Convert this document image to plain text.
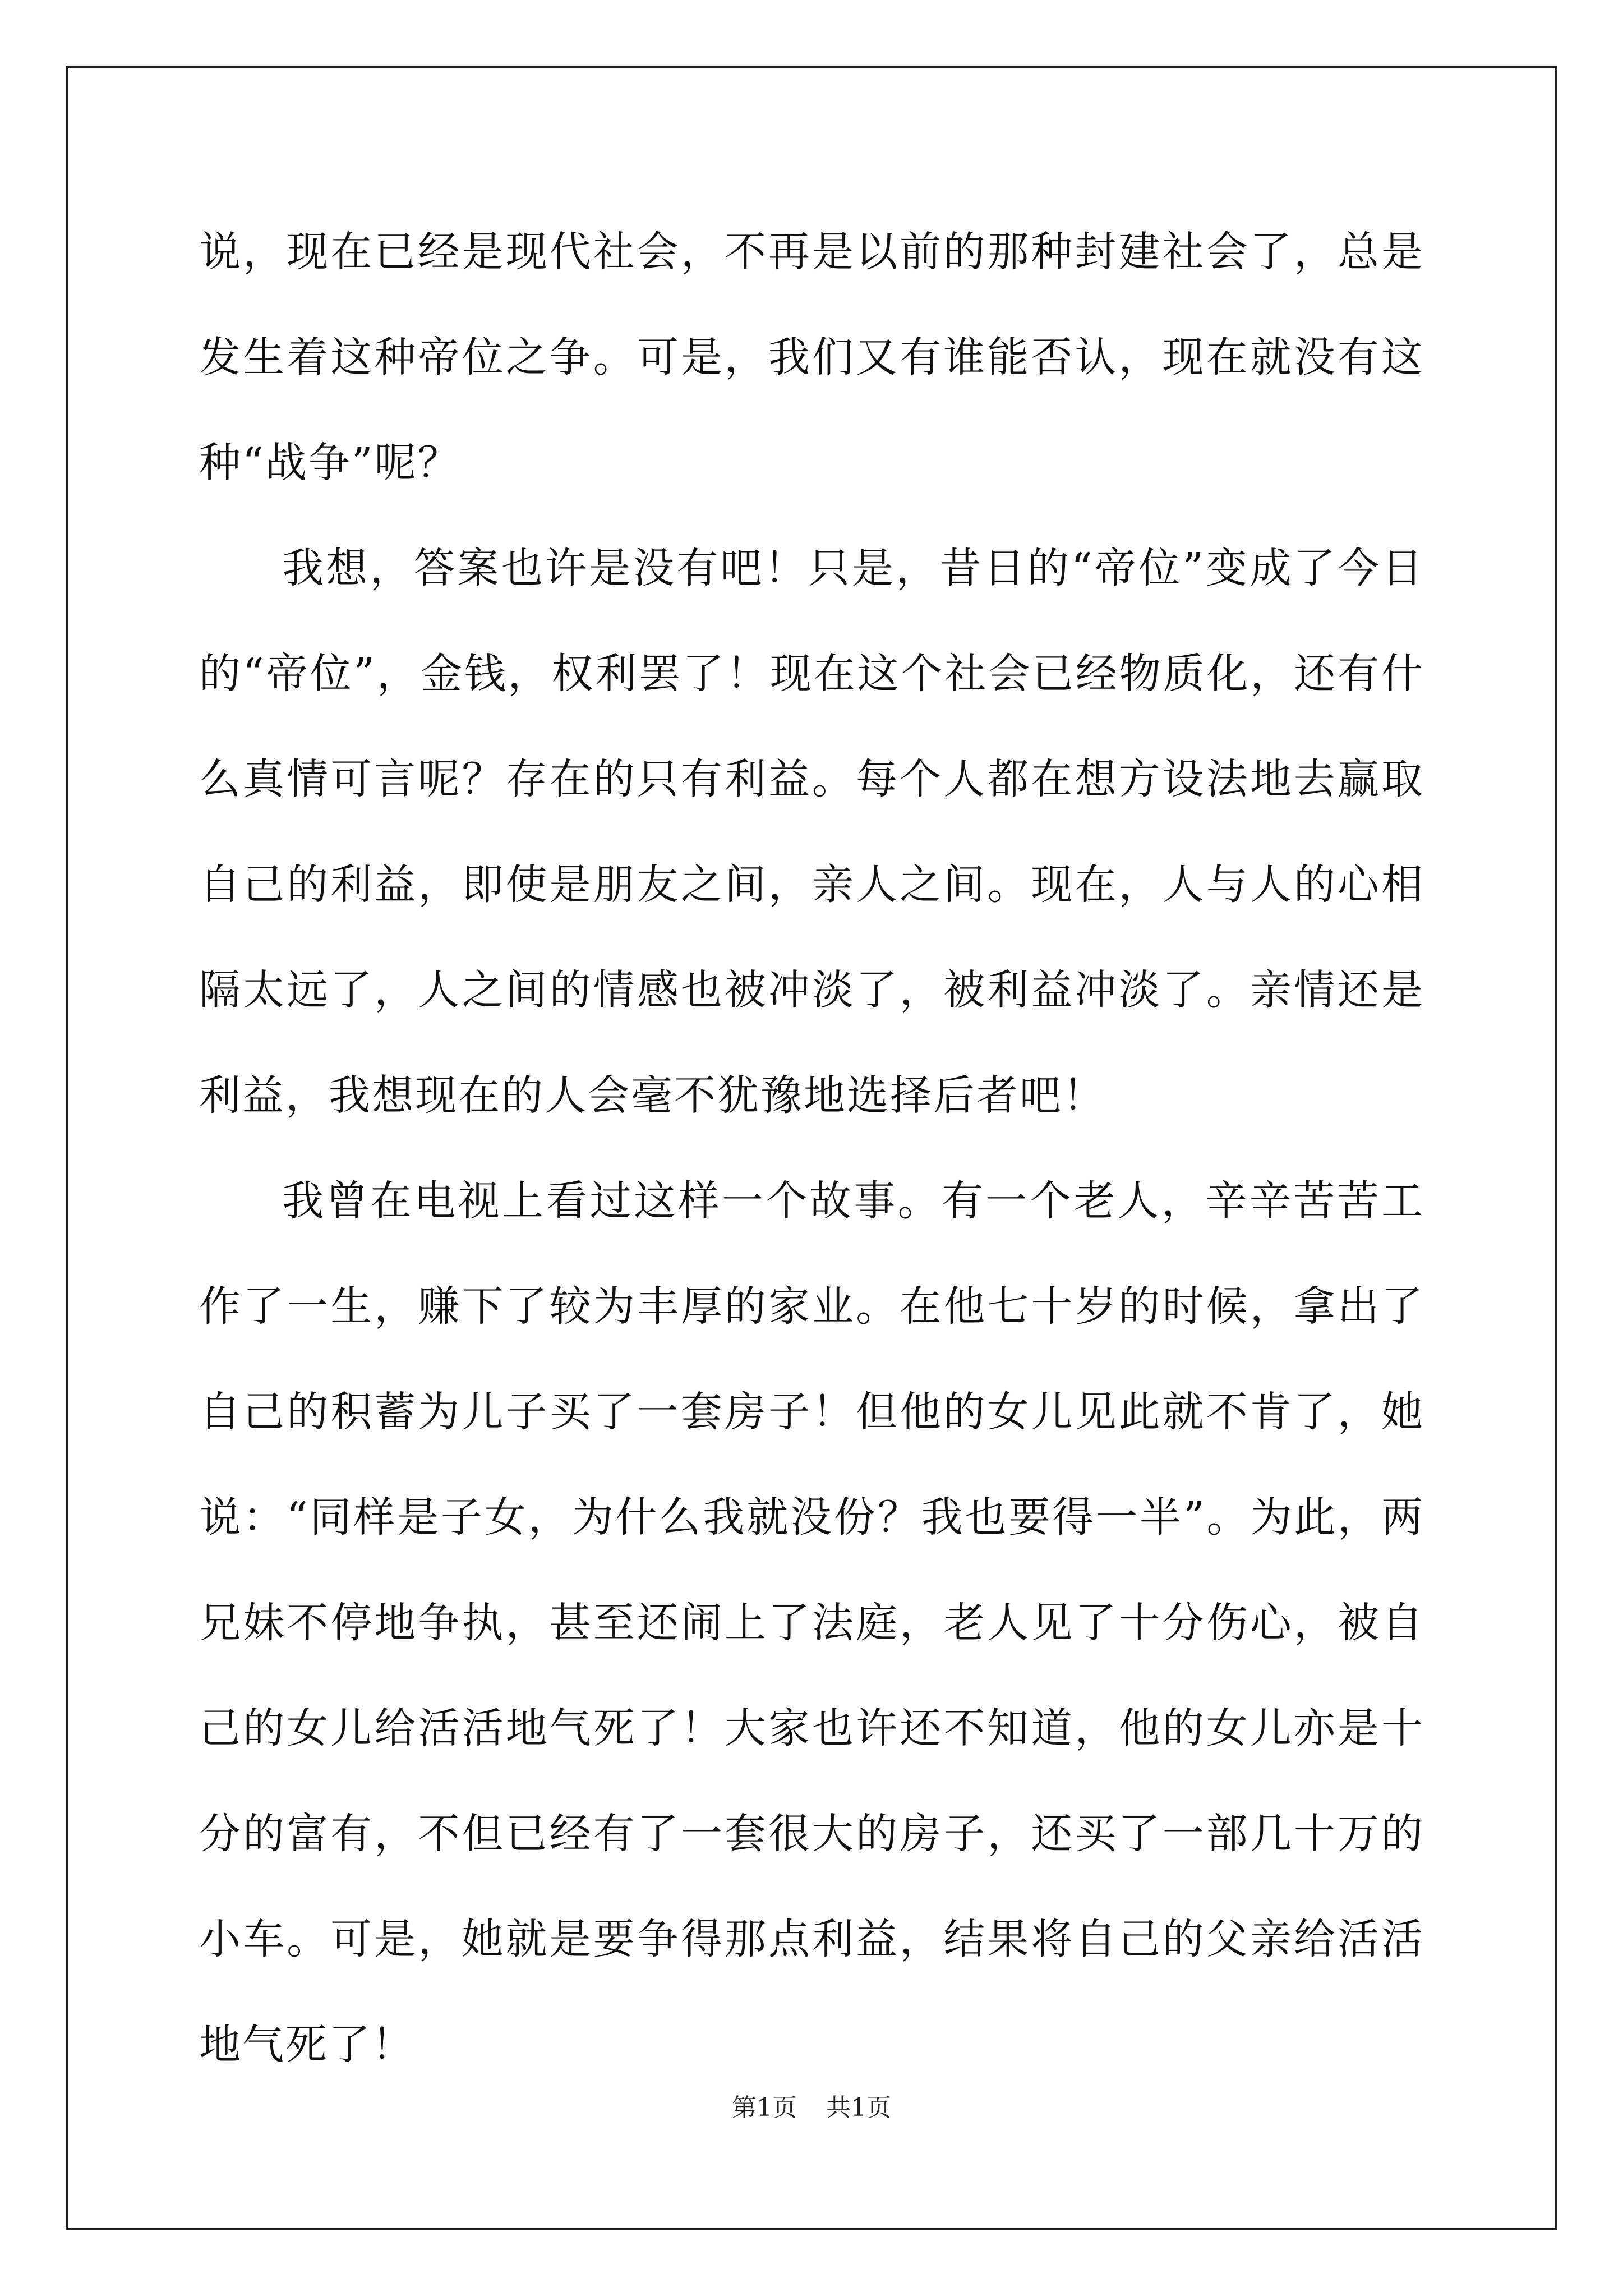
说，现在已经是现代社会，不再是以前的那种封建社会了，总是发生着这种帝位之争。可是，我们又有谁能否认，现在就没有这种“战争”呢？

我想，答案也许是没有吧！只是，昔日的“帝位”变成了今日的“帝位”，金钱，权利罢了！现在这个社会已经物质化，还有什么真情可言呢？存在的只有利益。每个人都在想方设法地去赢取自己的利益，即使是朋友之间，亲人之间。现在，人与人的心相隔太远了，人之间的情感也被冲淡了，被利益冲淡了。亲情还是利益，我想现在的人会毫不犹豫地选择后者吧！

我曾在电视上看过这样一个故事。有一个老人，辛辛苦苦工作了一生，赚下了较为丰厚的家业。在他七十岁的时候，拿出了自己的积蓄为儿子买了一套房子！但他的女儿见此就不肯了，她说：“同样是子女，为什么我就没份？我也要得一半”。为此，两兄妹不停地争执，甚至还闹上了法庭，老人见了十分伤心，被自己的女儿给活活地气死了！大家也许还不知道，他的女儿亦是十分的富有，不但已经有了一套很大的房子，还买了一部几十万的小车。可是，她就是要争得那点利益，结果将自己的父亲给活活地气死了！

第1页 共1页
